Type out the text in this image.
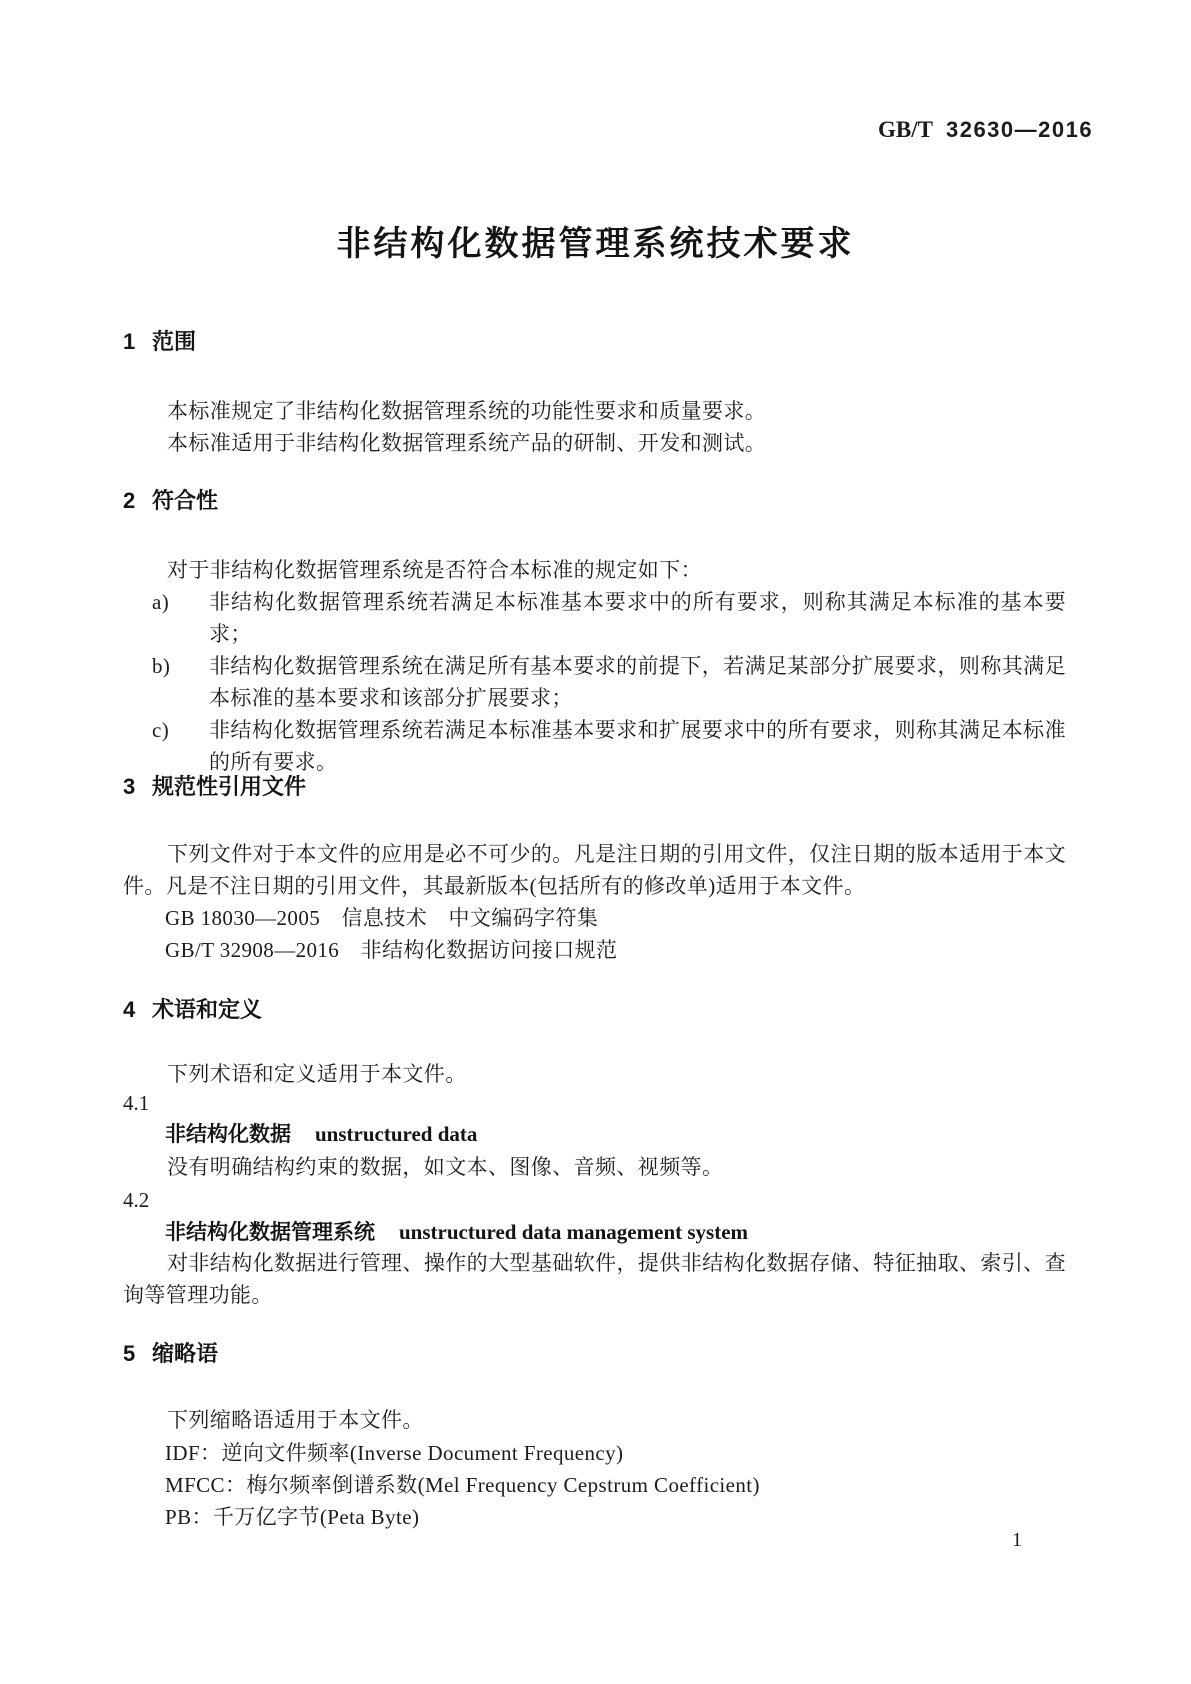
GB/T 32630—2016
非结构化数据管理系统技术要求
1 范围

本标准规定了非结构化数据管理系统的功能性要求和质量要求。

本标准适用于非结构化数据管理系统产品的研制、开发和测试。

2 符合性

对于非结构化数据管理系统是否符合本标准的规定如下：

a) 非结构化数据管理系统若满足本标准基本要求中的所有要求，则称其满足本标准的基本要求；
b) 非结构化数据管理系统在满足所有基本要求的前提下，若满足某部分扩展要求，则称其满足本标准的基本要求和该部分扩展要求；
c) 非结构化数据管理系统若满足本标准基本要求和扩展要求中的所有要求，则称其满足本标准的所有要求。
3 规范性引用文件

下列文件对于本文件的应用是必不可少的。凡是注日期的引用文件，仅注日期的版本适用于本文件。凡是不注日期的引用文件，其最新版本(包括所有的修改单)适用于本文件。

GB 18030—2005　信息技术　中文编码字符集
GB/T 32908—2016　非结构化数据访问接口规范
4 术语和定义

下列术语和定义适用于本文件。

4.1
非结构化数据 unstructured data

没有明确结构约束的数据，如文本、图像、音频、视频等。

4.2
非结构化数据管理系统 unstructured data management system

对非结构化数据进行管理、操作的大型基础软件，提供非结构化数据存储、特征抽取、索引、查询等管理功能。

5 缩略语

下列缩略语适用于本文件。

IDF：逆向文件频率(Inverse Document Frequency)
MFCC：梅尔频率倒谱系数(Mel Frequency Cepstrum Coefficient)
PB：千万亿字节(Peta Byte)
1
